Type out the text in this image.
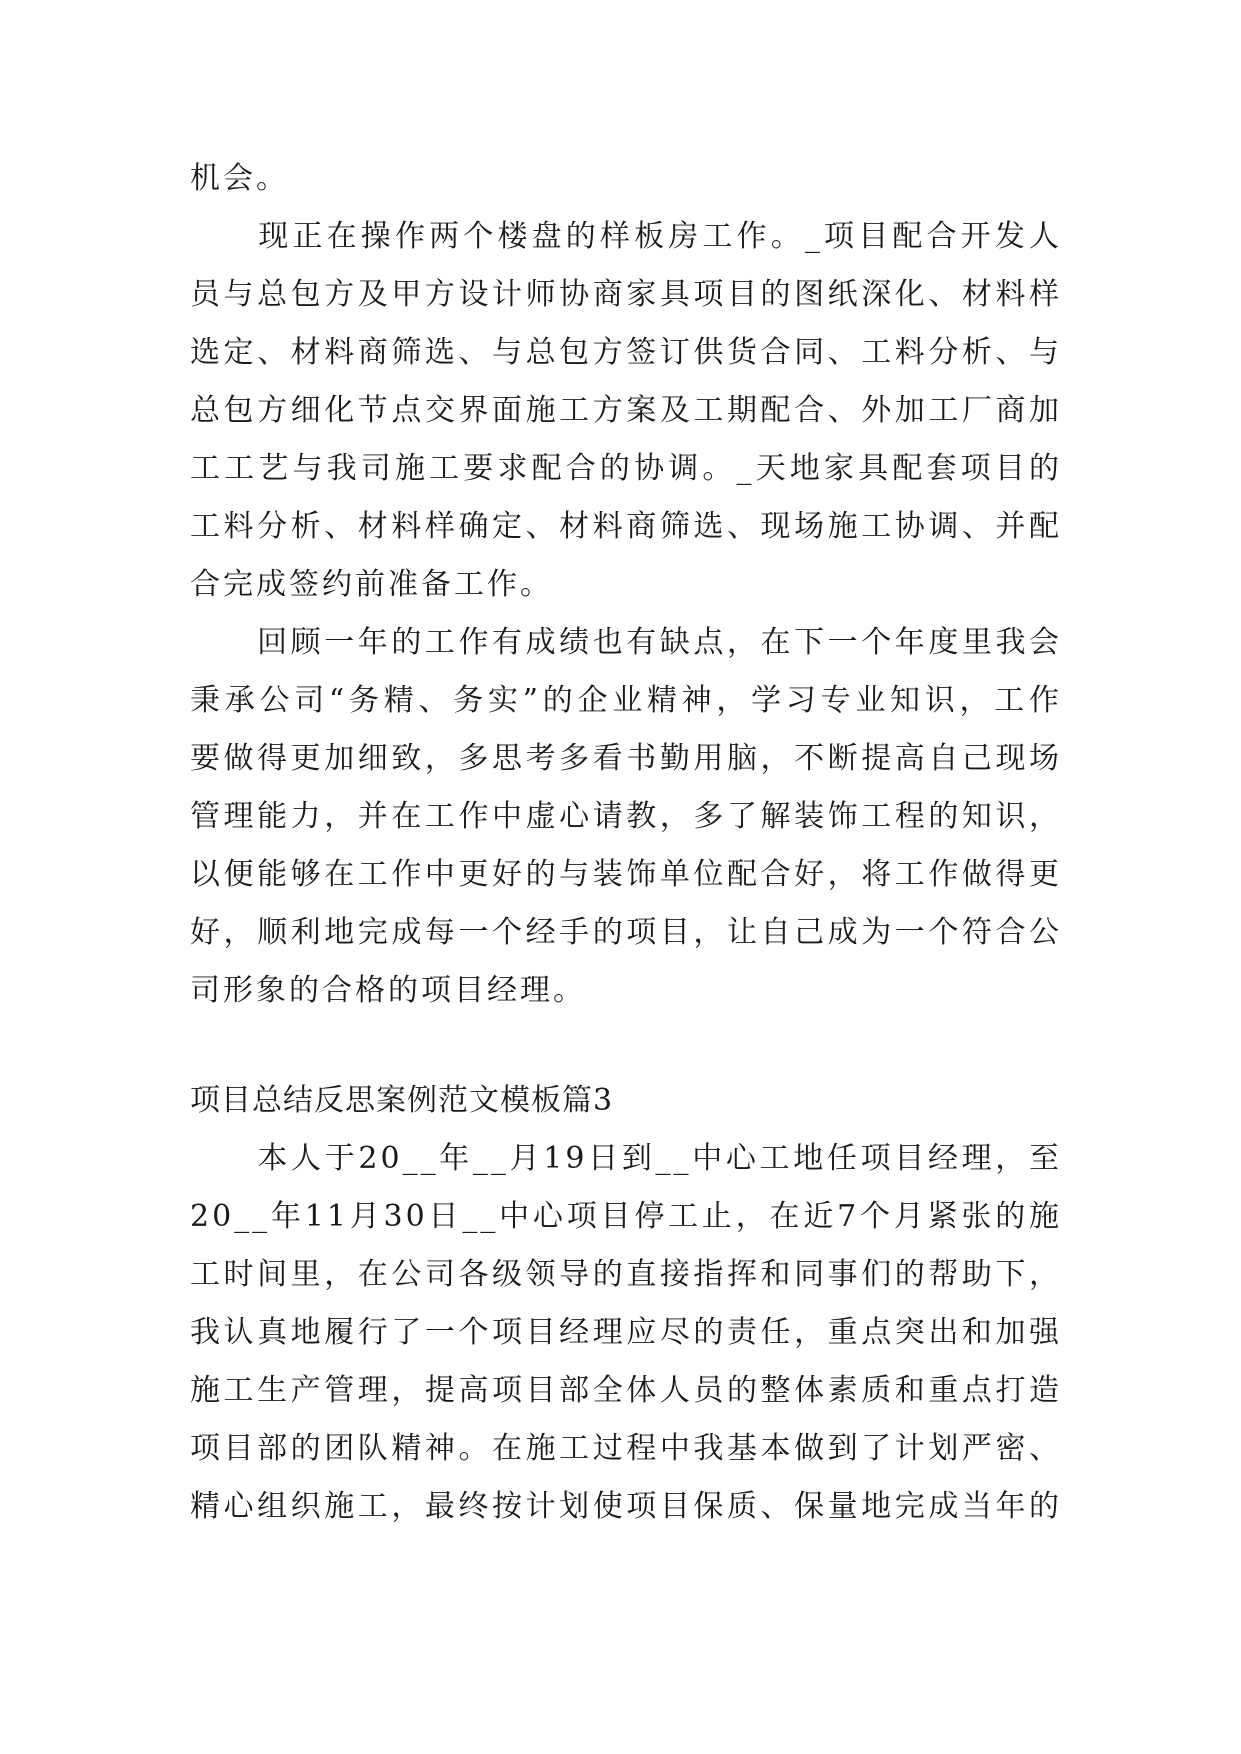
机会。
　　现正在操作两个楼盘的样板房工作。_项目配合开发人
员与总包方及甲方设计师协商家具项目的图纸深化、材料样
选定、材料商筛选、与总包方签订供货合同、工料分析、与
总包方细化节点交界面施工方案及工期配合、外加工厂商加
工工艺与我司施工要求配合的协调。_天地家具配套项目的
工料分析、材料样确定、材料商筛选、现场施工协调、并配
合完成签约前准备工作。
　　回顾一年的工作有成绩也有缺点，在下一个年度里我会
秉承公司“务精、务实”的企业精神，学习专业知识，工作
要做得更加细致，多思考多看书勤用脑，不断提高自己现场
管理能力，并在工作中虚心请教，多了解装饰工程的知识，
以便能够在工作中更好的与装饰单位配合好，将工作做得更
好，顺利地完成每一个经手的项目，让自己成为一个符合公
司形象的合格的项目经理。
项目总结反思案例范文模板篇3
　　本人于20__年__月19日到__中心工地任项目经理，至
20__年11月30日__中心项目停工止，在近7个月紧张的施
工时间里，在公司各级领导的直接指挥和同事们的帮助下，
我认真地履行了一个项目经理应尽的责任，重点突出和加强
施工生产管理，提高项目部全体人员的整体素质和重点打造
项目部的团队精神。在施工过程中我基本做到了计划严密、
精心组织施工，最终按计划使项目保质、保量地完成当年的
